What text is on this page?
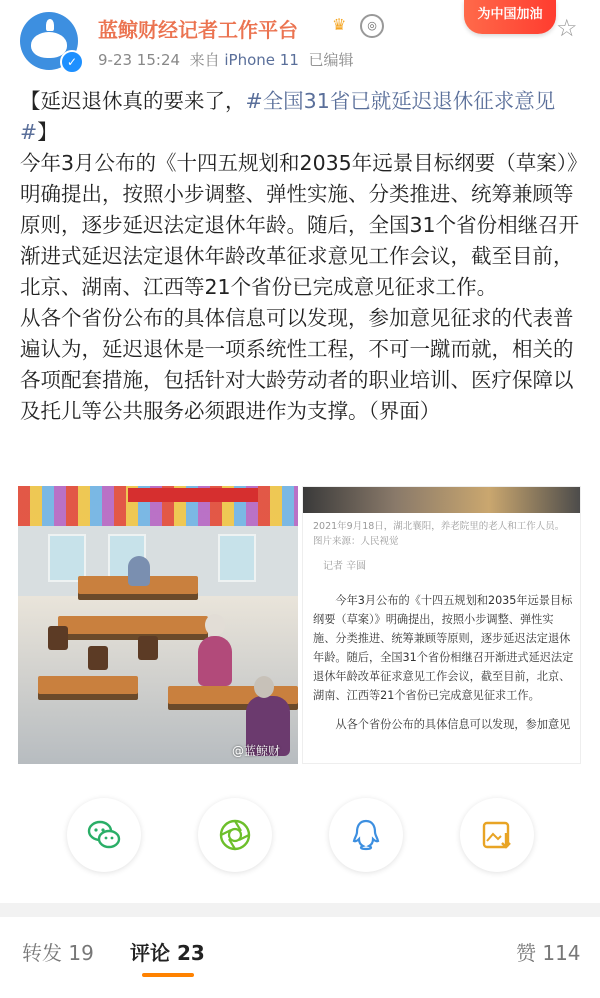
✓
蓝鲸财经记者工作平台 ♛	◎
9-23 15:24 来自 iPhone 11 已编辑
为中国加油 ☆

【延迟退休真的要来了，#全国31省已就延迟退休征求意见#】

今年3月公布的《十四五规划和2035年远景目标纲要（草案）》明确提出，按照小步调整、弹性实施、分类推进、统筹兼顾等原则，逐步延迟法定退休年龄。随后，全国31个省份相继召开渐进式延迟法定退休年龄改革征求意见工作会议，截至目前，北京、湖南、江西等21个省份已完成意见征求工作。

从各个省份公布的具体信息可以发现，参加意见征求的代表普遍认为，延迟退休是一项系统性工程，不可一蹴而就，相关的各项配套措施，包括针对大龄劳动者的职业培训、医疗保障以及托儿等公共服务必须跟进作为支撑。（界面）

@蓝鲸财
2021年9月18日，湖北襄阳，养老院里的老人和工作人员。图片来源：人民视觉
记者 辛圆

今年3月公布的《十四五规划和2035年远景目标纲要（草案）》明确提出，按照小步调整、弹性实施、分类推进、统筹兼顾等原则，逐步延迟法定退休年龄。随后，全国31个省份相继召开渐进式延迟法定退休年龄改革征求意见工作会议，截至目前，北京、湖南、江西等21个省份已完成意见征求工作。

从各个省份公布的具体信息可以发现，参加意见

转发 19 评论 23	赞 114
